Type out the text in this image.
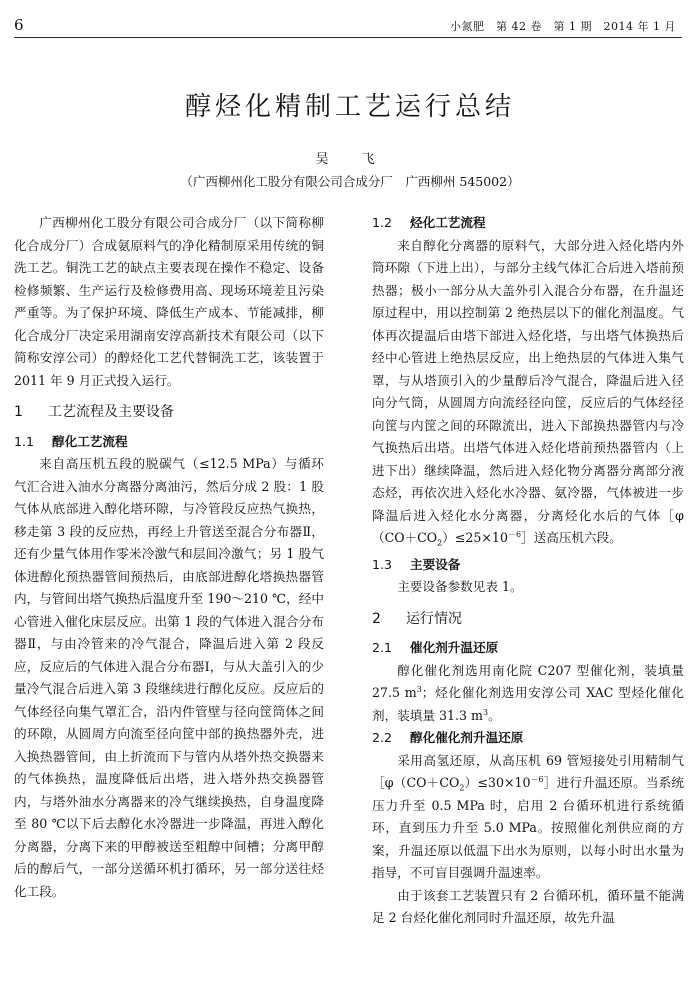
6	小氮肥　第 42 卷　第 1 期　2014 年 1 月
醇烃化精制工艺运行总结
吴　飞
（广西柳州化工股分有限公司合成分厂　广西柳州 545002）

广西柳州化工股分有限公司合成分厂（以下简称柳化合成分厂）合成氨原料气的净化精制原采用传统的铜洗工艺。铜洗工艺的缺点主要表现在操作不稳定、设备检修频繁、生产运行及检修费用高、现场环境差且污染严重等。为了保护环境、降低生产成本、节能减排，柳化合成分厂决定采用湖南安淳高新技术有限公司（以下简称安淳公司）的醇烃化工艺代替铜洗工艺，该装置于 2011 年 9 月正式投入运行。

1 工艺流程及主要设备
1.1 醇化工艺流程

来自高压机五段的脱碳气（≤12.5 MPa）与循环气汇合进入油水分离器分离油污，然后分成 2 股：1 股气体从底部进入醇化塔环隙，与冷管段反应热气换热，移走第 3 段的反应热，再经上升管送至混合分布器Ⅱ，还有少量气体用作零米冷激气和层间冷激气；另 1 股气体进醇化预热器管间预热后，由底部进醇化塔换热器管内，与管间出塔气换热后温度升至 190～210 ℃，经中心管进入催化床层反应。出第 1 段的气体进入混合分布器Ⅱ，与由冷管来的冷气混合，降温后进入第 2 段反应，反应后的气体进入混合分布器Ⅰ，与从大盖引入的少量冷气混合后进入第 3 段继续进行醇化反应。反应后的气体经径向集气罩汇合，沿内件管壁与径向筐筒体之间的环隙，从圆周方向流至径向筐中部的换热器外壳，进入换热器管间，由上折流而下与管内从塔外热交换器来的气体换热，温度降低后出塔，进入塔外热交换器管内，与塔外油水分离器来的冷气继续换热，自身温度降至 80 ℃以下后去醇化水冷器进一步降温，再进入醇化分离器，分离下来的甲醇被送至粗醇中间槽；分离甲醇后的醇后气，一部分送循环机打循环，另一部分送往烃化工段。

1.2 烃化工艺流程

来自醇化分离器的原料气，大部分进入烃化塔内外筒环隙（下进上出），与部分主线气体汇合后进入塔前预热器；极小一部分从大盖外引入混合分布器，在升温还原过程中，用以控制第 2 绝热层以下的催化剂温度。气体再次提温后由塔下部进入烃化塔，与出塔气体换热后经中心管进上绝热层反应，出上绝热层的气体进入集气罩，与从塔顶引入的少量醇后冷气混合，降温后进入径向分气筒，从圆周方向流经径向筐，反应后的气体经径向筐与内筐之间的环隙流出，进入下部换热器管内与冷气换热后出塔。出塔气体进入烃化塔前预热器管内（上进下出）继续降温，然后进入烃化物分离器分离部分液态烃，再依次进入烃化水冷器、氨冷器，气体被进一步降温后进入烃化水分离器，分离烃化水后的气体$[\varphi(CO+CO_2)\le 25\times 10^{-6}]$送高压机六段。

1.3 主要设备

主要设备参数见表 1。

2 运行情况
2.1 催化剂升温还原

醇化催化剂选用南化院 C207 型催化剂，装填量 27.5 $m^3$；烃化催化剂选用安淳公司 XAC 型烃化催化剂，装填量 31.3 $m^3$。

2.2 醇化催化剂升温还原

采用高氢还原，从高压机 69 管短接处引用精制气$[\varphi(CO+CO_2)\le 30\times 10^{-6}]$进行升温还原。当系统压力升至 0.5 MPa 时，启用 2 台循环机进行系统循环，直到压力升至 5.0 MPa。按照催化剂供应商的方案，升温还原以低温下出水为原则，以每小时出水量为指导，不可盲目强调升温速率。

由于该套工艺装置只有 2 台循环机，循环量不能满足 2 台烃化催化剂同时升温还原，故先升温
